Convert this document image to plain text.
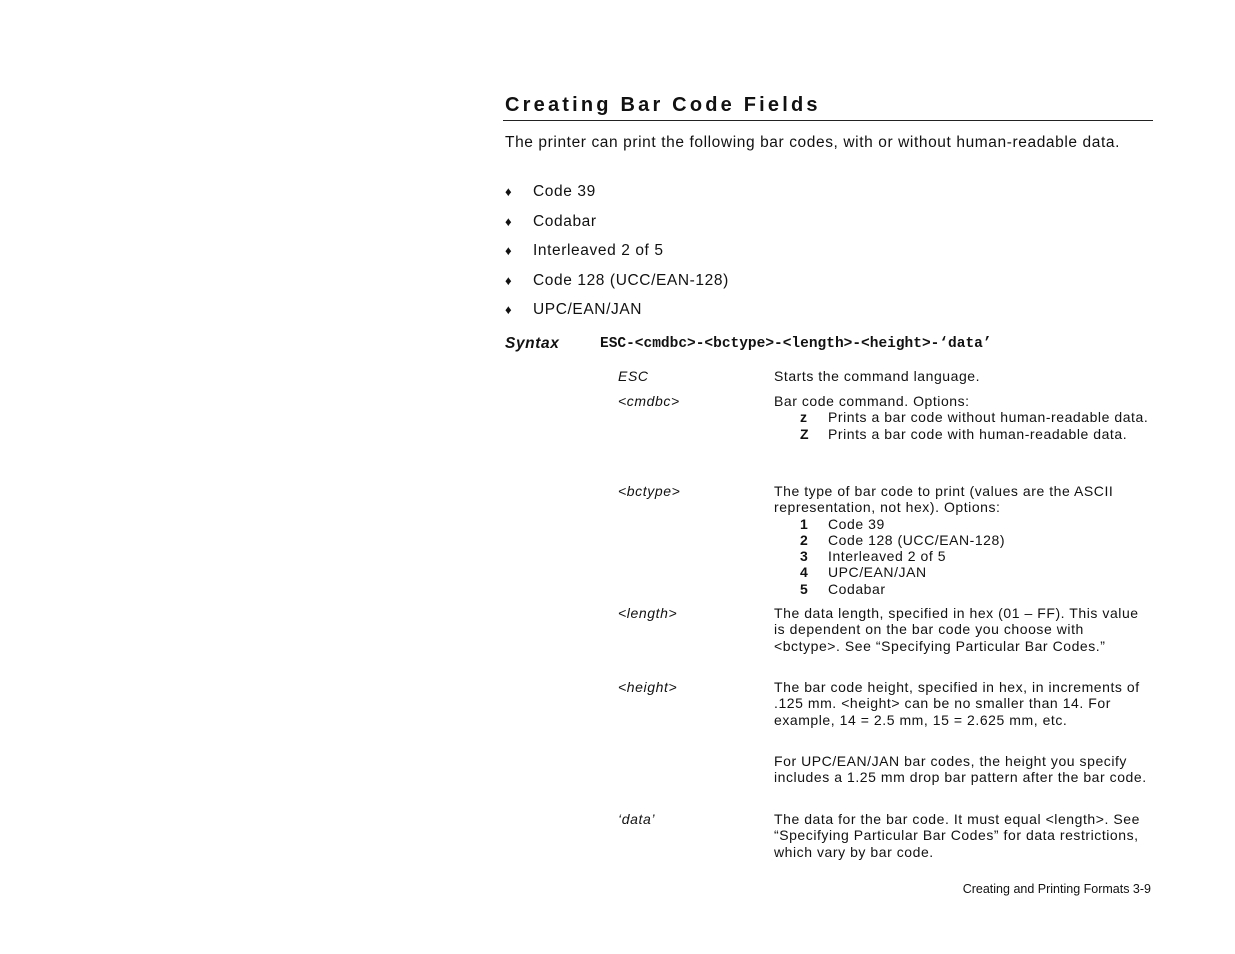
Creating Bar Code Fields
The printer can print the following bar codes, with or without human-readable data.
♦ Code 39
♦ Codabar
♦ Interleaved 2 of 5
♦ Code 128 (UCC/EAN-128)
♦ UPC/EAN/JAN
Syntax	ESC-<cmdbc>-<bctype>-<length>-<height>-‘data’
ESC	Starts the command language.
<cmdbc>	Bar code command. Options:
z Prints a bar code without human-readable data.
Z Prints a bar code with human-readable data.
<bctype>	The type of bar code to print (values are the ASCII representation, not hex). Options:
1 Code 39
2 Code 128 (UCC/EAN-128)
3 Interleaved 2 of 5
4 UPC/EAN/JAN
5 Codabar
<length>	The data length, specified in hex (01 – FF). This value is dependent on the bar code you choose with <bctype>. See “Specifying Particular Bar Codes.”
<height>	The bar code height, specified in hex, in increments of .125 mm. <height> can be no smaller than 14. For example, 14 = 2.5 mm, 15 = 2.625 mm, etc.
For UPC/EAN/JAN bar codes, the height you specify includes a 1.25 mm drop bar pattern after the bar code.
‘data’	The data for the bar code. It must equal <length>. See “Specifying Particular Bar Codes” for data restrictions, which vary by bar code.
Creating and Printing Formats 3-9
